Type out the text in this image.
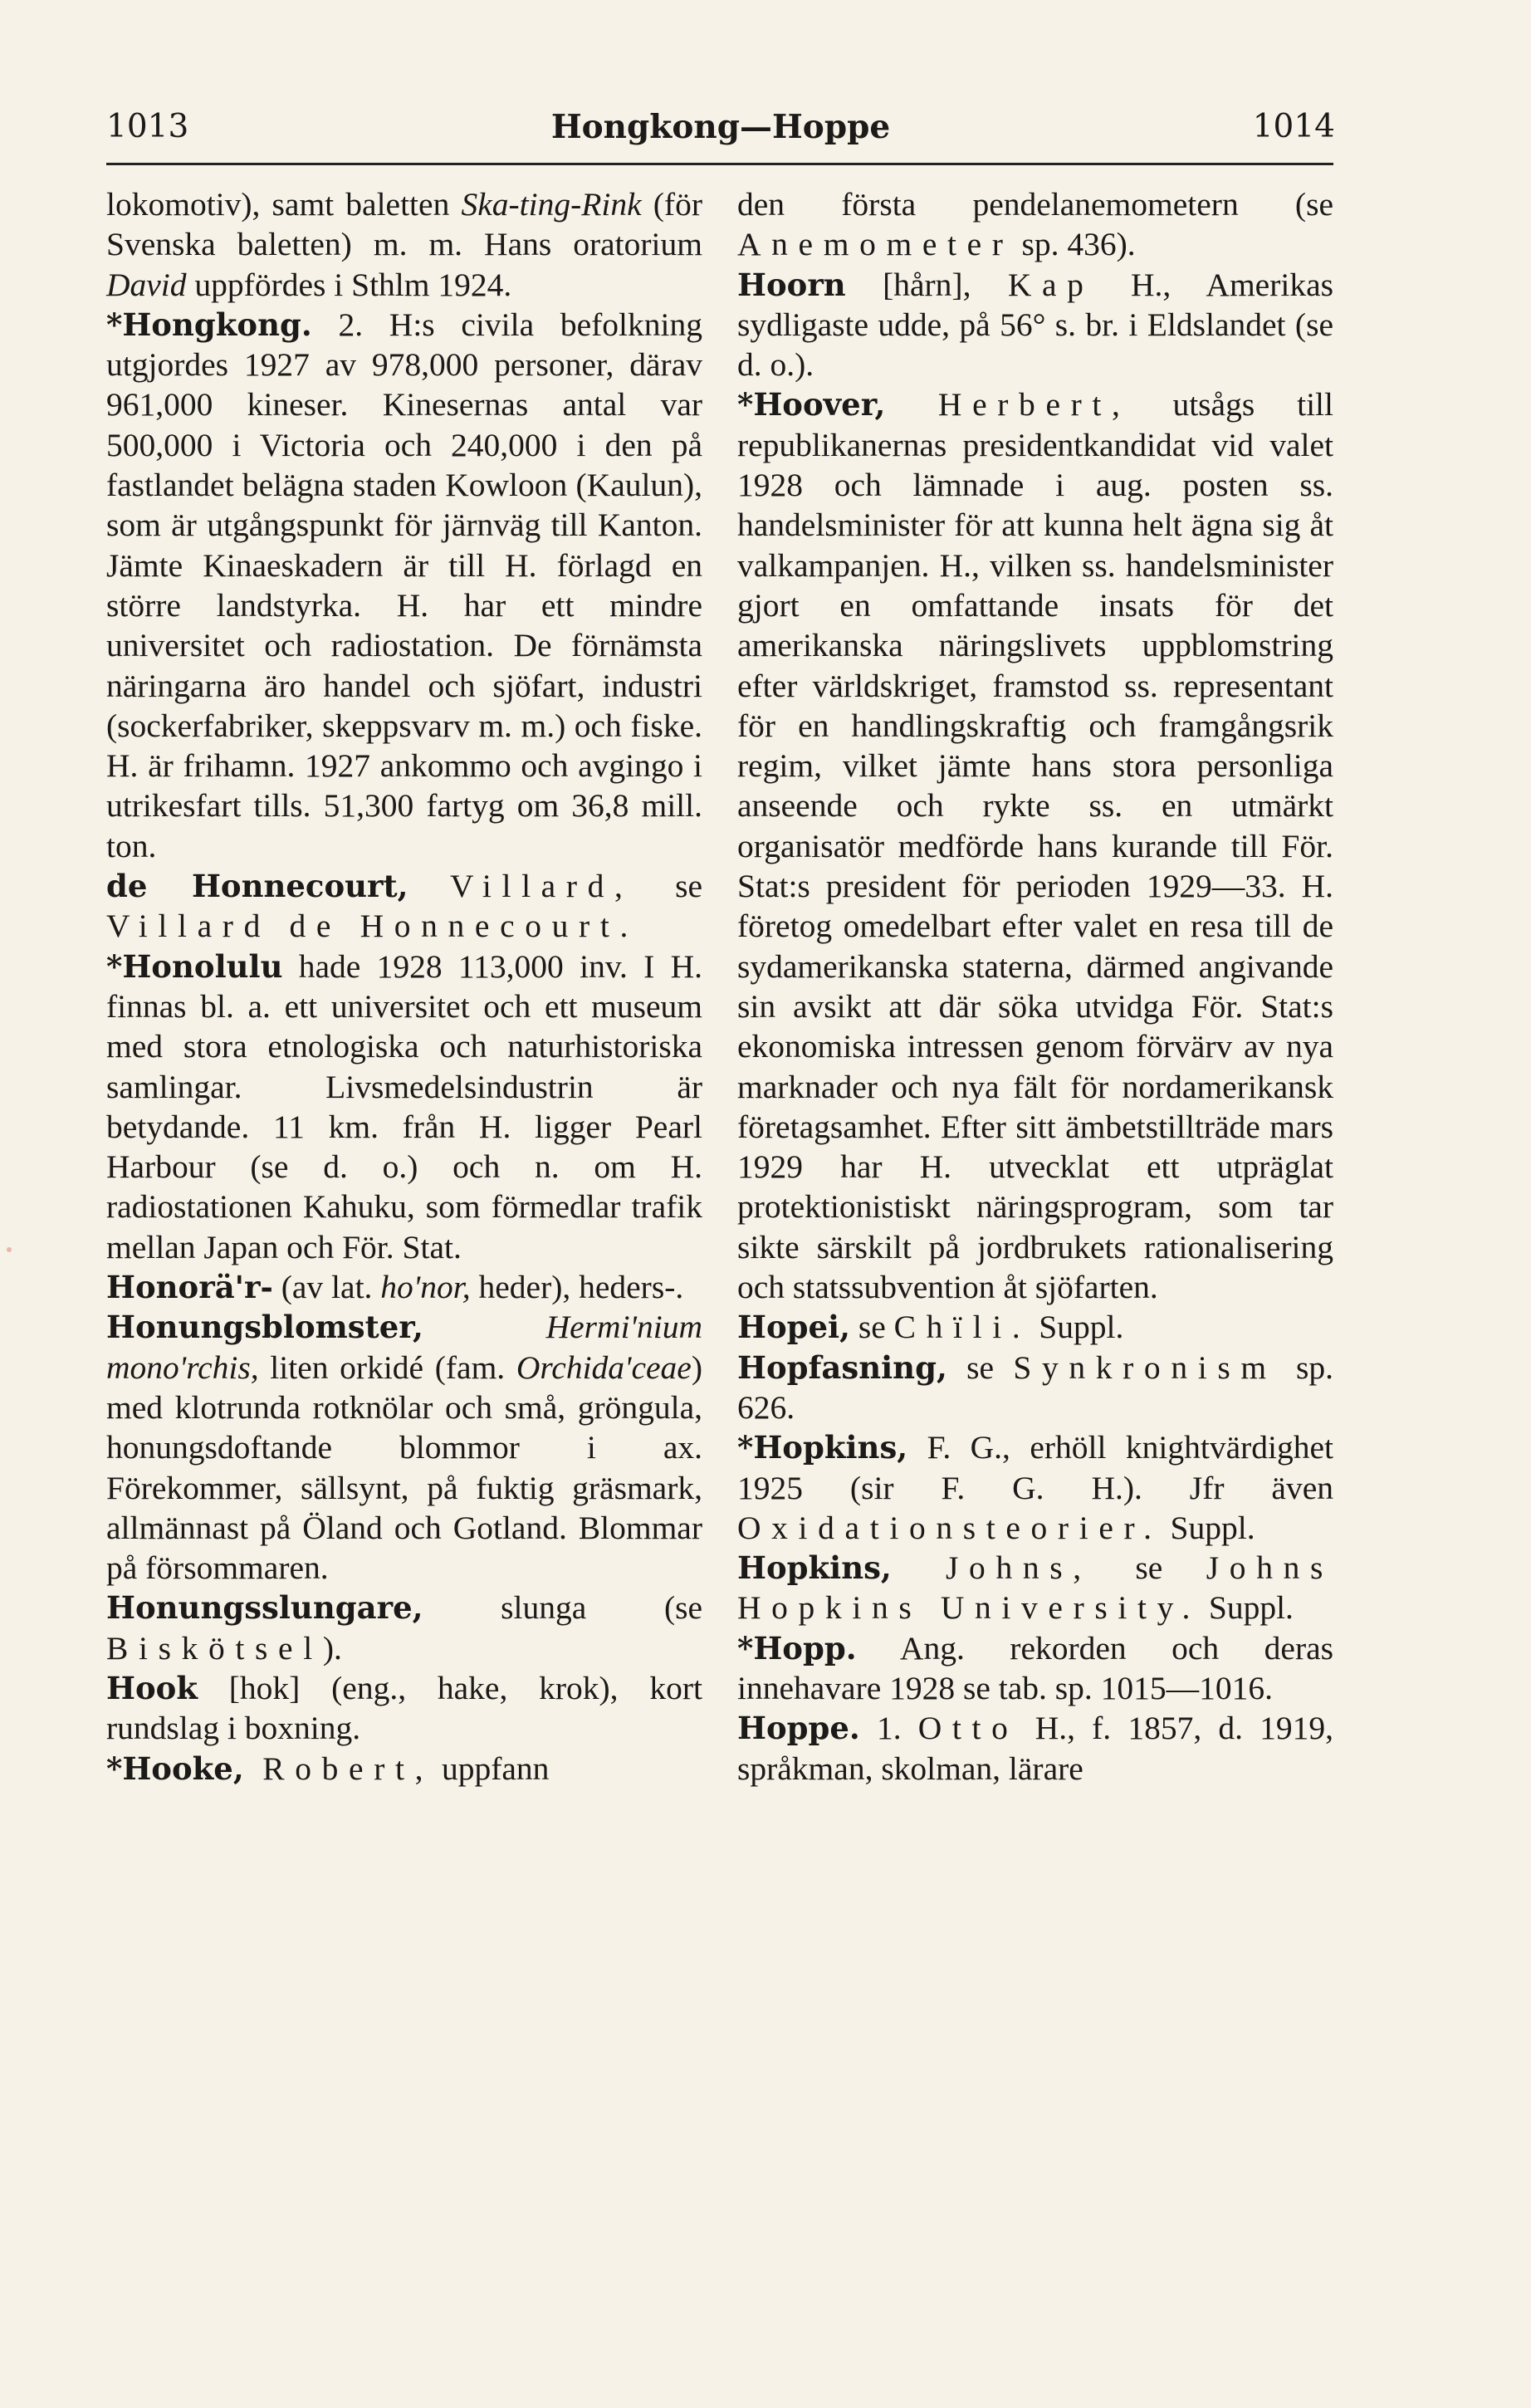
1013	Hongkong—Hoppe	1014

lokomotiv), samt baletten Ska-ting-Rink (för Svenska baletten) m. m. Hans oratorium David uppfördes i Sthlm 1924.

*Hongkong. 2. H:s civila befolkning utgjordes 1927 av 978,000 personer, därav 961,000 kineser. Kinesernas antal var 500,000 i Victoria och 240,000 i den på fastlandet belägna staden Kowloon (Kaulun), som är utgångspunkt för järnväg till Kanton. Jämte Kinaeskadern är till H. förlagd en större landstyrka. H. har ett mindre universitet och radiostation. De förnämsta näringarna äro handel och sjöfart, industri (sockerfabriker, skeppsvarv m. m.) och fiske. H. är frihamn. 1927 ankommo och avgingo i utrikesfart tills. 51,300 fartyg om 36,8 mill. ton.

de Honnecourt, Villard, se Villard de Honnecourt.

*Honolulu hade 1928 113,000 inv. I H. finnas bl. a. ett universitet och ett museum med stora etnologiska och naturhistoriska samlingar. Livsmedelsindustrin är betydande. 11 km. från H. ligger Pearl Harbour (se d. o.) och n. om H. radiostationen Kahuku, som förmedlar trafik mellan Japan och För. Stat.

Honorä'r- (av lat. ho'nor, heder), heders-.

Honungsblomster, Hermi'nium mono'rchis, liten orkidé (fam. Orchida'ceae) med klotrunda rotknölar och små, gröngula, honungsdoftande blommor i ax. Förekommer, sällsynt, på fuktig gräsmark, allmännast på Öland och Gotland. Blommar på försommaren.

Honungsslungare, slunga (se Biskötsel).

Hook [hok] (eng., hake, krok), kort rundslag i boxning.

*Hooke, Robert, uppfann

den första pendelanemometern (se Anemometer sp. 436).

Hoorn [hårn], Kap H., Amerikas sydligaste udde, på 56° s. br. i Eldslandet (se d. o.).

*Hoover, Herbert, utsågs till republikanernas presidentkandidat vid valet 1928 och lämnade i aug. posten ss. handelsminister för att kunna helt ägna sig åt valkampanjen. H., vilken ss. handelsminister gjort en omfattande insats för det amerikanska näringslivets uppblomstring efter världskriget, framstod ss. representant för en handlingskraftig och framgångsrik regim, vilket jämte hans stora personliga anseende och rykte ss. en utmärkt organisatör medförde hans kurande till För. Stat:s president för perioden 1929—33. H. företog omedelbart efter valet en resa till de sydamerikanska staterna, därmed angivande sin avsikt att där söka utvidga För. Stat:s ekonomiska intressen genom förvärv av nya marknader och nya fält för nordamerikansk företagsamhet. Efter sitt ämbetstillträde mars 1929 har H. utvecklat ett utpräglat protektionistiskt näringsprogram, som tar sikte särskilt på jordbrukets rationalisering och statssubvention åt sjöfarten.

Hopei, se Chïli. Suppl.

Hopfasning, se Synkronism sp. 626.

*Hopkins, F. G., erhöll knightvärdighet 1925 (sir F. G. H.). Jfr även Oxidationsteorier. Suppl.

Hopkins, Johns, se Johns Hopkins University. Suppl.

*Hopp. Ang. rekorden och deras innehavare 1928 se tab. sp. 1015—1016.

Hoppe. 1. Otto H., f. 1857, d. 1919, språkman, skolman, lärare
